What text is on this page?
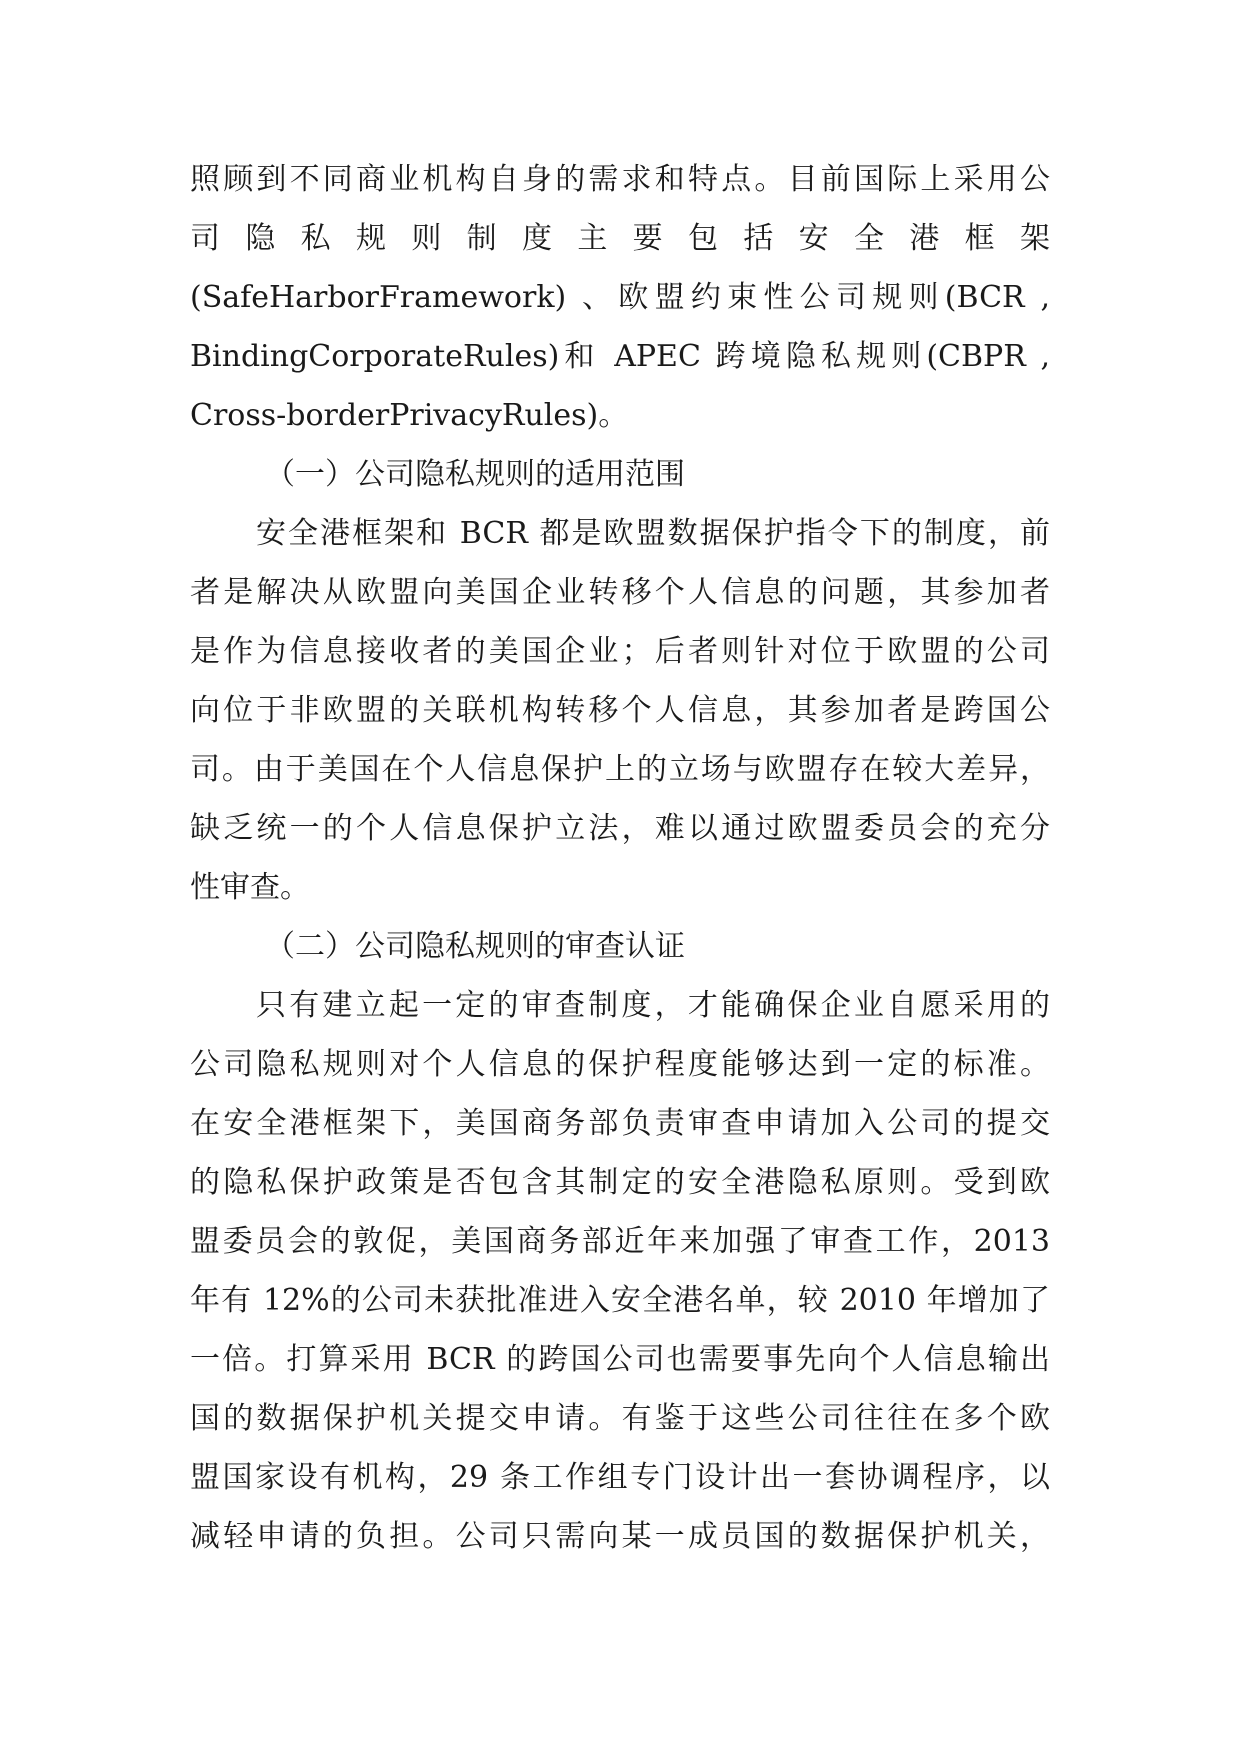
照顾到不同商业机构自身的需求和特点。目前国际上采用公
司 隐 私 规 则 制 度 主 要 包 括 安 全 港 框 架
(SafeHarborFramework) 、欧盟约束性公司规则(BCR ,
BindingCorporateRules)和 APEC 跨境隐私规则(CBPR ,
Cross-borderPrivacyRules)。
（一）公司隐私规则的适用范围
安全港框架和 BCR 都是欧盟数据保护指令下的制度，前
者是解决从欧盟向美国企业转移个人信息的问题，其参加者
是作为信息接收者的美国企业；后者则针对位于欧盟的公司
向位于非欧盟的关联机构转移个人信息，其参加者是跨国公
司。由于美国在个人信息保护上的立场与欧盟存在较大差异，
缺乏统一的个人信息保护立法，难以通过欧盟委员会的充分
性审查。
（二）公司隐私规则的审查认证
只有建立起一定的审查制度，才能确保企业自愿采用的
公司隐私规则对个人信息的保护程度能够达到一定的标准。
在安全港框架下，美国商务部负责审查申请加入公司的提交
的隐私保护政策是否包含其制定的安全港隐私原则。受到欧
盟委员会的敦促，美国商务部近年来加强了审查工作，2013
年有 12%的公司未获批准进入安全港名单，较 2010 年增加了
一倍。打算采用 BCR 的跨国公司也需要事先向个人信息输出
国的数据保护机关提交申请。有鉴于这些公司往往在多个欧
盟国家设有机构，29 条工作组专门设计出一套协调程序，以
减轻申请的负担。公司只需向某一成员国的数据保护机关，
